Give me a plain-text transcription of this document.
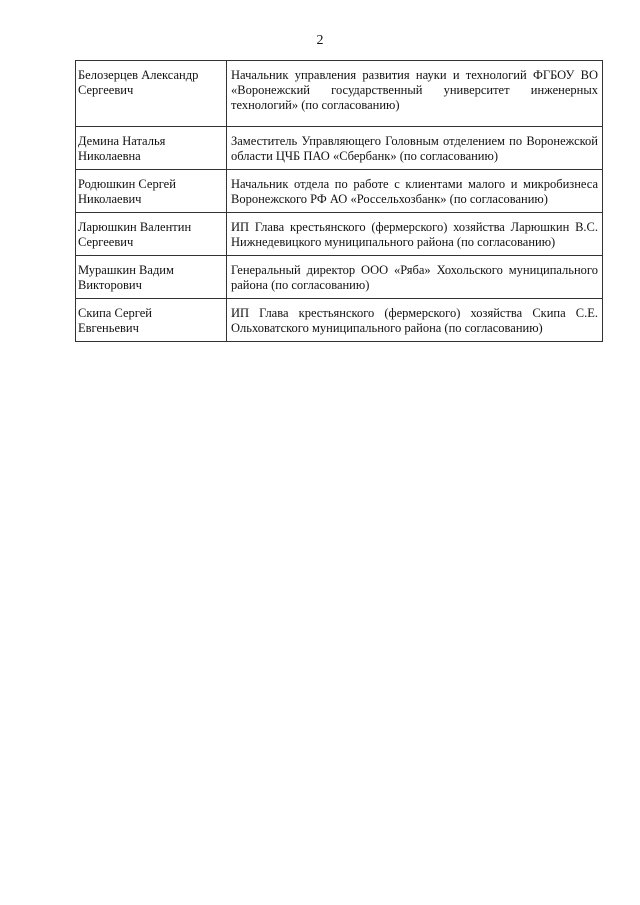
2
Белозерцев Александр
Сергеевич	Начальник управления развития науки и технологий ФГБОУ ВО «Воронежский государственный университет инженерных технологий» (по согласованию)

Демина Наталья
Николаевна	Заместитель Управляющего Головным отделением по Воронежской области ЦЧБ ПАО «Сбербанк» (по согласованию)

Родюшкин Сергей
Николаевич	Начальник отдела по работе с клиентами малого и микробизнеса Воронежского РФ АО «Россельхозбанк» (по согласованию)

Ларюшкин Валентин
Сергеевич	ИП Глава крестьянского (фермерского) хозяйства Ларюшкин В.С. Нижнедевицкого муниципального района (по согласованию)

Мурашкин Вадим
Викторович	Генеральный директор ООО «Ряба» Хохольского муниципального района (по согласованию)

Скипа Сергей
Евгеньевич	ИП Глава крестьянского (фермерского) хозяйства Скипа С.Е. Ольховатского муниципального района (по согласованию)
